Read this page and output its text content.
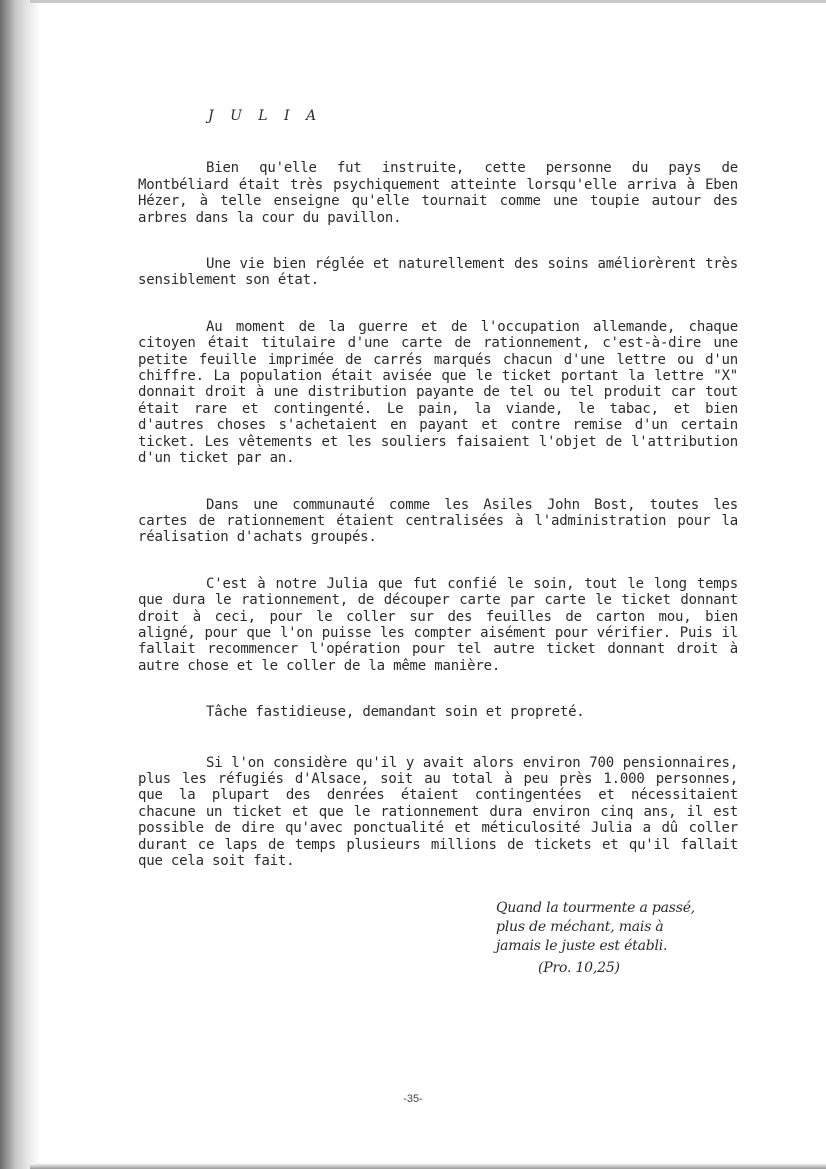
J U L I A

Bien qu'elle fut instruite, cette personne du pays de Montbéliard était très psychiquement atteinte lorsqu'elle arriva à Eben Hézer, à telle enseigne qu'elle tournait comme une toupie autour des arbres dans la cour du pavillon.

Une vie bien réglée et naturellement des soins améliorèrent très sensiblement son état.

Au moment de la guerre et de l'occupation allemande, chaque citoyen était titulaire d'une carte de rationnement, c'est-à-dire une petite feuille imprimée de carrés marqués chacun d'une lettre ou d'un chiffre. La population était avisée que le ticket portant la lettre "X" donnait droit à une distribution payante de tel ou tel produit car tout était rare et contingenté. Le pain, la viande, le tabac, et bien d'autres choses s'achetaient en payant et contre remise d'un certain ticket. Les vêtements et les souliers faisaient l'objet de l'attribution d'un ticket par an.

Dans une communauté comme les Asiles John Bost, toutes les cartes de rationnement étaient centralisées à l'administration pour la réalisation d'achats groupés.

C'est à notre Julia que fut confié le soin, tout le long temps que dura le rationnement, de découper carte par carte le ticket donnant droit à ceci, pour le coller sur des feuilles de carton mou, bien aligné, pour que l'on puisse les compter aisément pour vérifier. Puis il fallait recommencer l'opération pour tel autre ticket donnant droit à autre chose et le coller de la même manière.

Tâche fastidieuse, demandant soin et propreté.

Si l'on considère qu'il y avait alors environ 700 pensionnaires, plus les réfugiés d'Alsace, soit au total à peu près 1.000 personnes, que la plupart des denrées étaient contingentées et nécessitaient chacune un ticket et que le rationnement dura environ cinq ans, il est possible de dire qu'avec ponctualité et méticulosité Julia a dû coller durant ce laps de temps plusieurs millions de tickets et qu'il fallait que cela soit fait.

Quand la tourmente a passé,
plus de méchant, mais à
jamais le juste est établi.
(Pro. 10,25)
-35-
